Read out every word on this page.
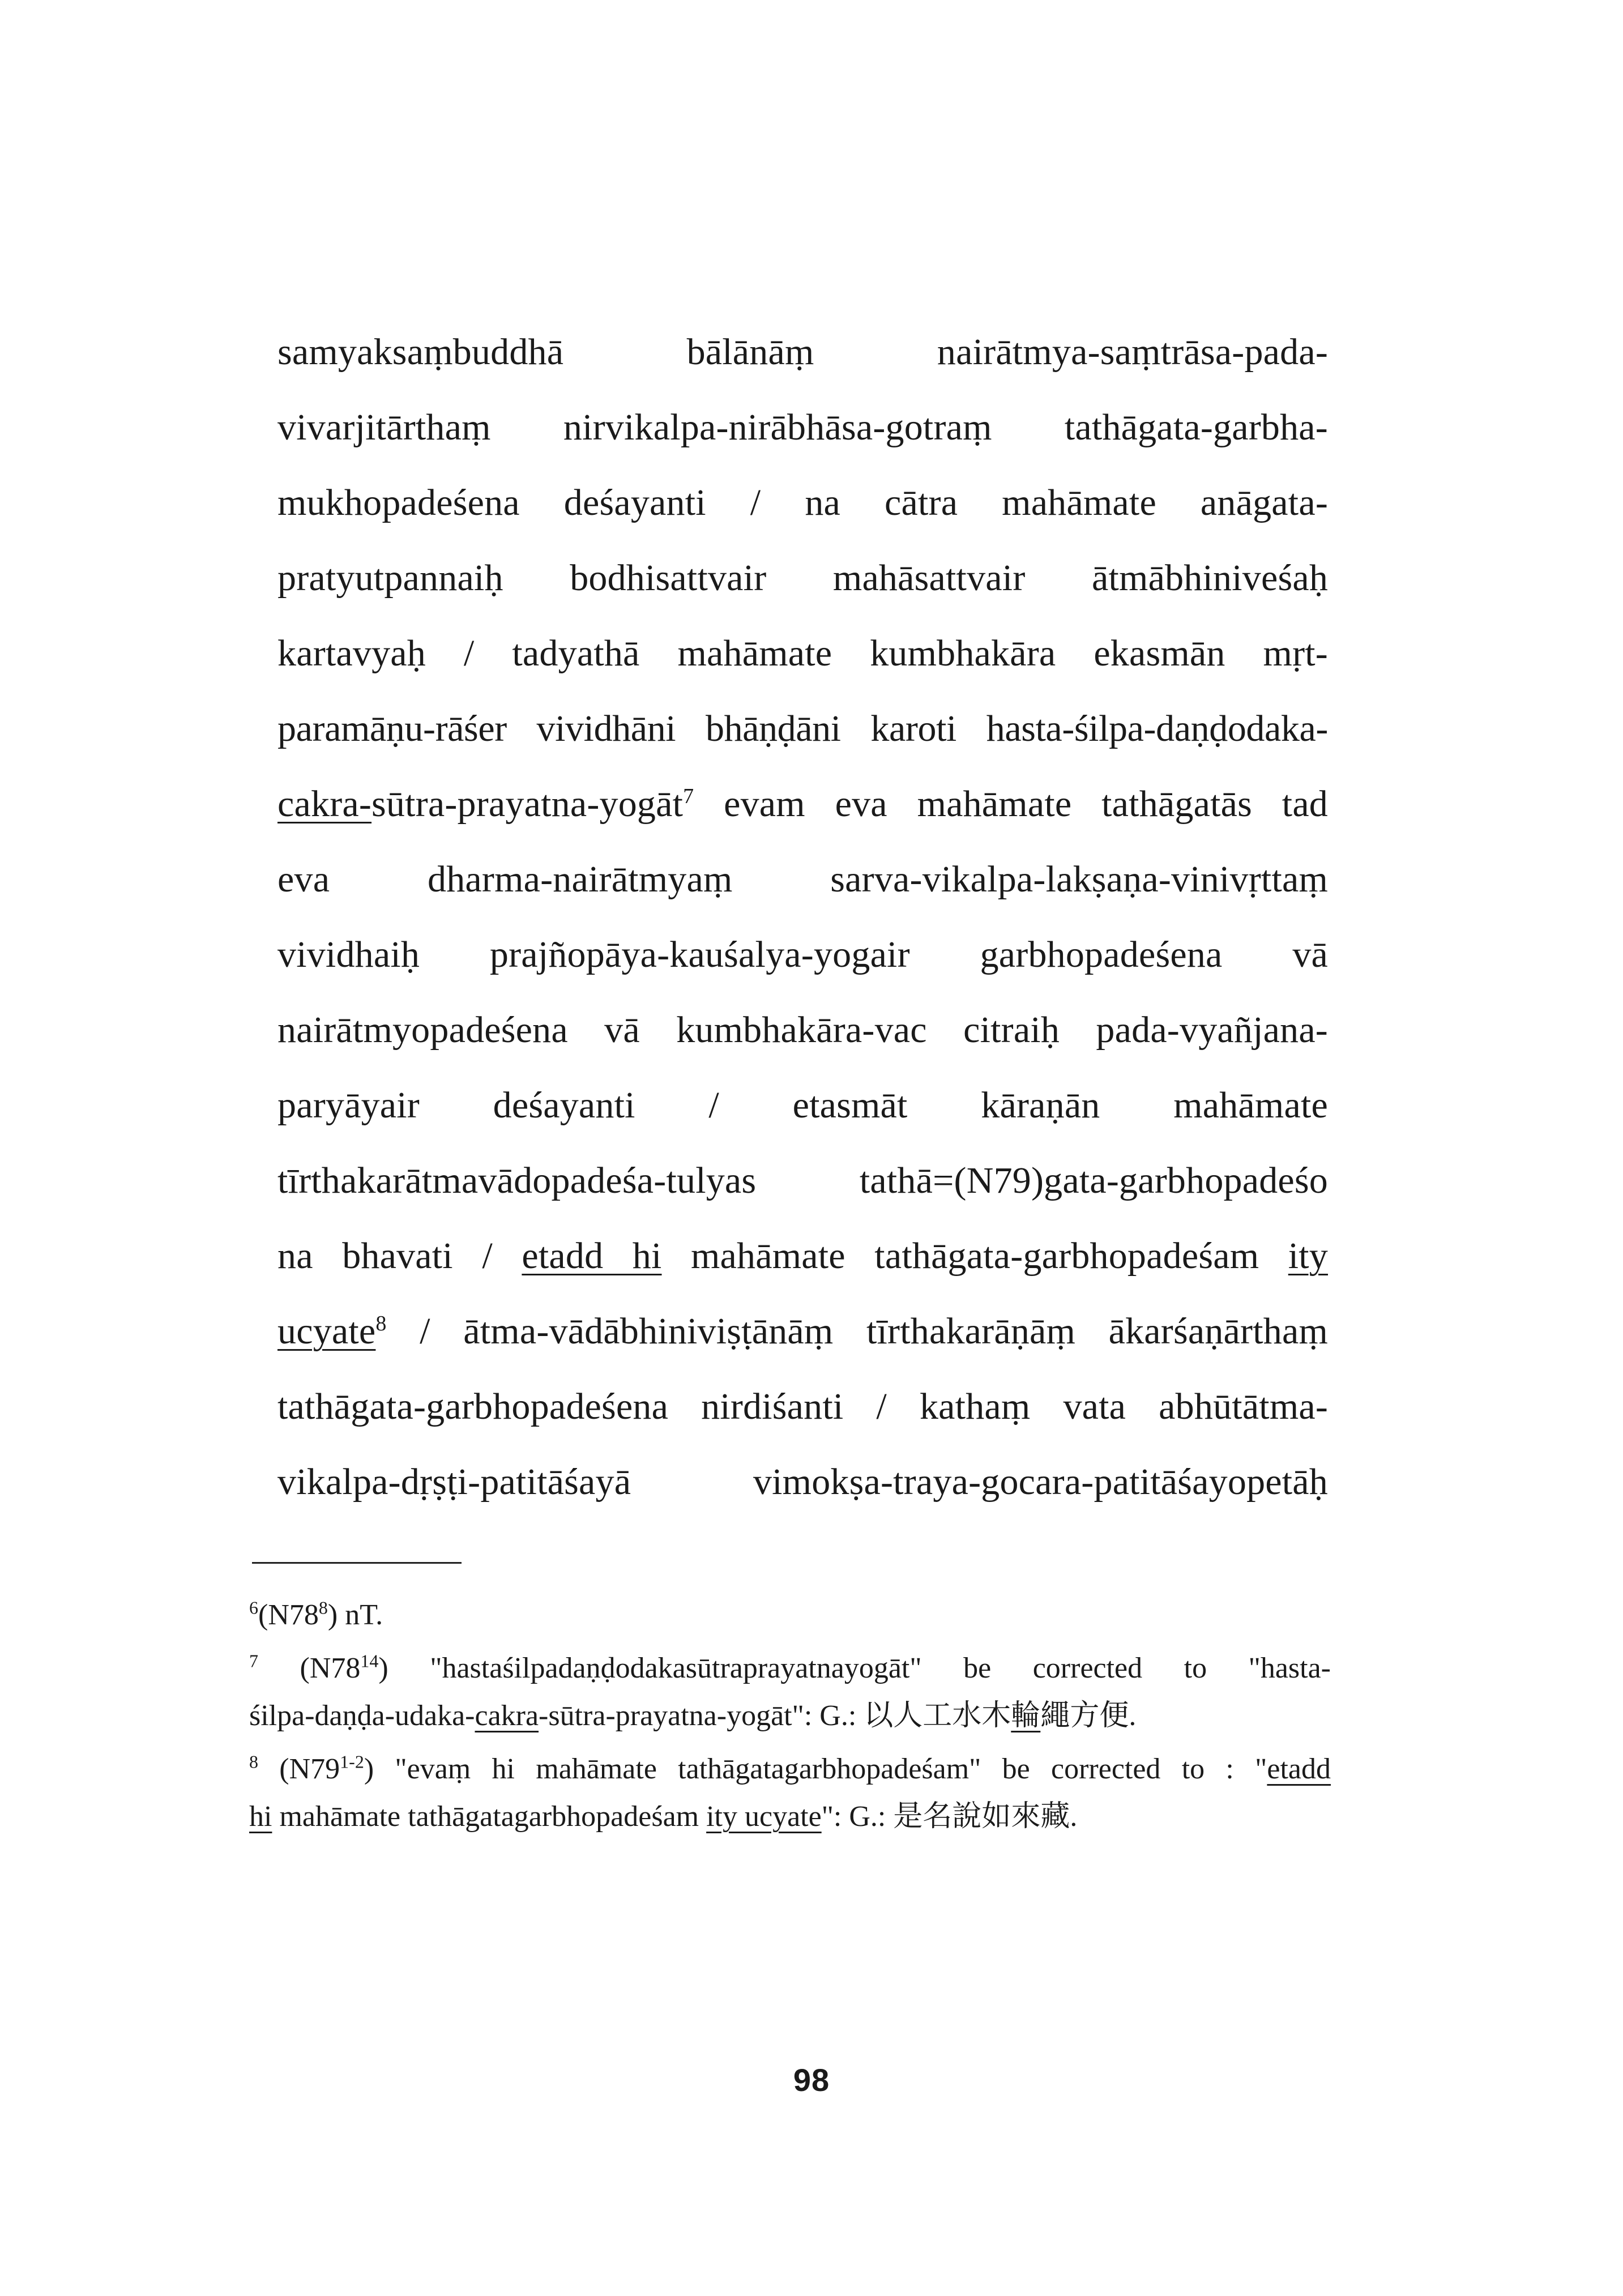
samyaksaṃbuddhā	bālānāṃ	nairātmya-saṃtrāsa-pada-
vivarjitārthaṃ nirvikalpa-nirābhāsa-gotraṃ tathāgata-garbha-
mukhopadeśena deśayanti / na cātra mahāmate anāgata-
pratyutpannaiḥ bodhisattvair mahāsattvair ātmābhiniveśaḥ
kartavyaḥ / tadyathā mahāmate kumbhakāra ekasmān mṛt-
paramāṇu-rāśer vividhāni bhāṇḍāni karoti hasta-śilpa-daṇḍodaka-
cakra-sūtra-prayatna-yogāt$^7$ evam eva mahāmate tathāgatās tad
eva	dharma-nairātmyaṃ	sarva-vikalpa-lakṣaṇa-vinivṛttaṃ
vividhaiḥ prajñopāya-kauśalya-yogair garbhopadeśena vā
nairātmyopadeśena vā kumbhakāra-vac citraiḥ pada-vyañjana-
paryāyair deśayanti / etasmāt kāraṇān mahāmate
tīrthakarātmavādopadeśa-tulyas	tathā=(N79)gata-garbhopadeśo
na bhavati / etadd hi mahāmate tathāgata-garbhopadeśam ity
ucyate$^8$ / ātma-vādābhiniviṣṭānāṃ tīrthakarāṇāṃ ākarśaṇārthaṃ
tathāgata-garbhopadeśena nirdiśanti / kathaṃ vata abhūtātma-
vikalpa-dṛṣṭi-patitāśayā	vimokṣa-traya-gocara-patitāśayopetāḥ
$^6(N78^8)$ nT.
$^7$ $(N78^{14})$ "hastaśilpadaṇḍodakasūtraprayatnayogāt" be corrected to "hasta-
śilpa-daṇḍa-udaka-cakra-sūtra-prayatna-yogāt": G.: 以人工水木輪繩方便.
$^8$ (N79$^{1-2}$) "evaṃ hi mahāmate tathāgatagarbhopadeśam" be corrected to : "etadd
hi mahāmate tathāgatagarbhopadeśam ity ucyate": G.: 是名說如來藏.
98
